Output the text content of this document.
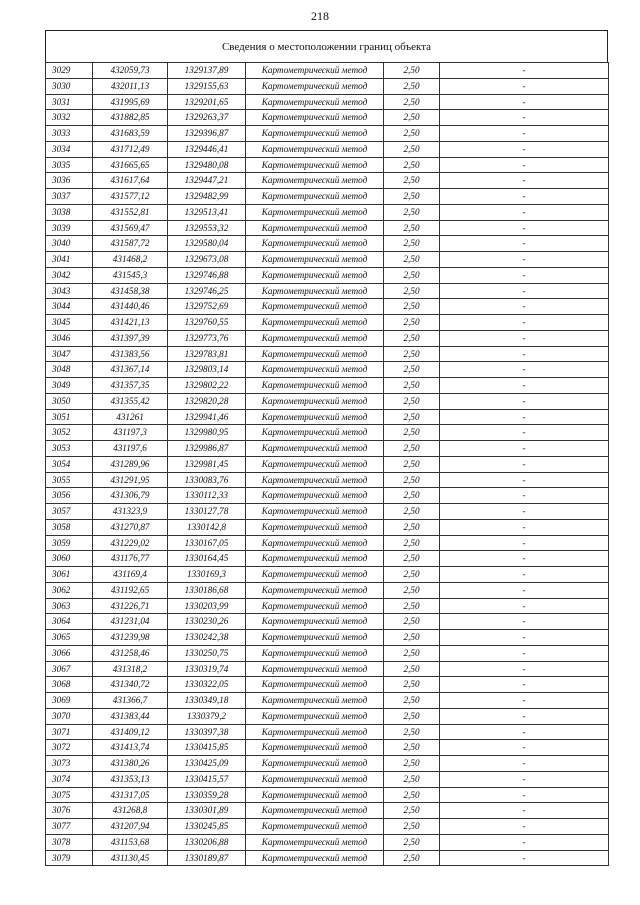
218
Сведения о местоположении границ объекта
3029	432059,73	1329137,89	Картометрический метод	2,50	-
3030	432011,13	1329155,63	Картометрический метод	2,50	-
3031	431995,69	1329201,65	Картометрический метод	2,50	-
3032	431882,85	1329263,37	Картометрический метод	2,50	-
3033	431683,59	1329396,87	Картометрический метод	2,50	-
3034	431712,49	1329446,41	Картометрический метод	2,50	-
3035	431665,65	1329480,08	Картометрический метод	2,50	-
3036	431617,64	1329447,21	Картометрический метод	2,50	-
3037	431577,12	1329482,99	Картометрический метод	2,50	-
3038	431552,81	1329513,41	Картометрический метод	2,50	-
3039	431569,47	1329553,32	Картометрический метод	2,50	-
3040	431587,72	1329580,04	Картометрический метод	2,50	-
3041	431468,2	1329673,08	Картометрический метод	2,50	-
3042	431545,3	1329746,88	Картометрический метод	2,50	-
3043	431458,38	1329746,25	Картометрический метод	2,50	-
3044	431440,46	1329752,69	Картометрический метод	2,50	-
3045	431421,13	1329760,55	Картометрический метод	2,50	-
3046	431397,39	1329773,76	Картометрический метод	2,50	-
3047	431383,56	1329783,81	Картометрический метод	2,50	-
3048	431367,14	1329803,14	Картометрический метод	2,50	-
3049	431357,35	1329802,22	Картометрический метод	2,50	-
3050	431355,42	1329820,28	Картометрический метод	2,50	-
3051	431261	1329941,46	Картометрический метод	2,50	-
3052	431197,3	1329980,95	Картометрический метод	2,50	-
3053	431197,6	1329986,87	Картометрический метод	2,50	-
3054	431289,96	1329981,45	Картометрический метод	2,50	-
3055	431291,95	1330083,76	Картометрический метод	2,50	-
3056	431306,79	1330112,33	Картометрический метод	2,50	-
3057	431323,9	1330127,78	Картометрический метод	2,50	-
3058	431270,87	1330142,8	Картометрический метод	2,50	-
3059	431229,02	1330167,05	Картометрический метод	2,50	-
3060	431176,77	1330164,45	Картометрический метод	2,50	-
3061	431169,4	1330169,3	Картометрический метод	2,50	-
3062	431192,65	1330186,68	Картометрический метод	2,50	-
3063	431226,71	1330203,99	Картометрический метод	2,50	-
3064	431231,04	1330230,26	Картометрический метод	2,50	-
3065	431239,98	1330242,38	Картометрический метод	2,50	-
3066	431258,46	1330250,75	Картометрический метод	2,50	-
3067	431318,2	1330319,74	Картометрический метод	2,50	-
3068	431340,72	1330322,05	Картометрический метод	2,50	-
3069	431366,7	1330349,18	Картометрический метод	2,50	-
3070	431383,44	1330379,2	Картометрический метод	2,50	-
3071	431409,12	1330397,38	Картометрический метод	2,50	-
3072	431413,74	1330415,85	Картометрический метод	2,50	-
3073	431380,26	1330425,09	Картометрический метод	2,50	-
3074	431353,13	1330415,57	Картометрический метод	2,50	-
3075	431317,05	1330359,28	Картометрический метод	2,50	-
3076	431268,8	1330301,89	Картометрический метод	2,50	-
3077	431207,94	1330245,85	Картометрический метод	2,50	-
3078	431153,68	1330206,88	Картометрический метод	2,50	-
3079	431130,45	1330189,87	Картометрический метод	2,50	-
